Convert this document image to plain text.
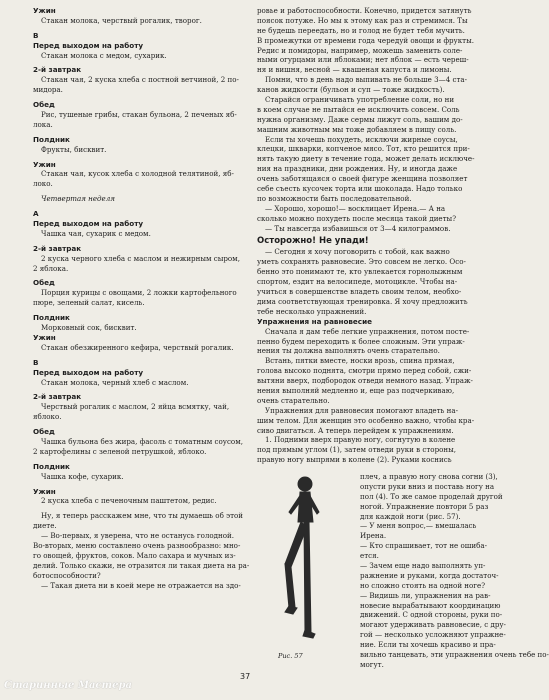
Ужин
Стакан молока, черствый рогалик, творог.
В
Перед выходом на работу
Стакан молока с медом, сухарик.
2-й завтрак
Стакан чая, 2 куска хлеба с постной ветчиной, 2 по-
мидора.
Обед
Рис, тушеные грибы, стакан бульона, 2 печеных яб-
лока.
Полдник
Фрукты, бисквит.
Ужин
Стакан чая, кусок хлеба с холодной телятиной, яб-
локо.
Четвертая неделя
А
Перед выходом на работу
Чашка чая, сухарик с медом.
2-й завтрак
2 куска черного хлеба с маслом и нежирным сыром,
2 яблока.
Обед
Порция курицы с овощами, 2 ложки картофельного
пюре, зеленый салат, кисель.
Полдник
Морковный сок, бисквит.
Ужин
Стакан обезжиренного кефира, черствый рогалик.
В
Перед выходом на работу
Стакан молока, черный хлеб с маслом.
2-й завтрак
Черствый рогалик с маслом, 2 яйца всмятку, чай,
яблоко.
Обед
Чашка бульона без жира, фасоль с томатным соусом,
2 картофелины с зеленой петрушкой, яблоко.
Полдник
Чашка кофе, сухарик.
Ужин
2 куска хлеба с печеночным паштетом, редис.
Ну, я теперь расскажем мне, что ты думаешь об этой
диете.
— Во-первых, я уверена, что не останусь голодной.
Во-вторых, меню составлено очень разнообразно: мно-
го овощей, фруктов, соков. Мало сахара и мучных из-
делий. Только скажи, не отразится ли такая диета на ра-
ботоспособности?
— Такая диета ни в коей мере не отражается на здо-
ровье и работоспособности. Конечно, придется затянуть
поясок потуже. Но мы к этому как раз и стремимся. Ты
не будешь переедать, но и голод не будет тебя мучить.
В промежутки от времени года чередуй овощи и фрукты.
Редис и помидоры, например, можешь заменить соле-
ными огурцами или яблоками; нет яблок — есть череш-
ня и вишня, весной — квашеная капуста и лимоны.
Помни, что в день надо выпивать не больше 3—4 ста-
канов жидкости (бульон и суп — тоже жидкость).
Старайся ограничивать употребление соли, но ни
в коем случае не пытайся ее исключить совсем. Соль
нужна организму. Даже сермы лижут соль, вашим до-
машним животным мы тоже добавляем в пищу соль.
Если ты хочешь похудеть, исключи жирные соусы,
клецки, шкварки, копченое мясо. Тот, кто решится при-
нять такую диету в течение года, может делать исключе-
ния на праздники, дни рождения. Ну, и иногда даже
очень заботящаяся о своей фигуре женщина позволяет
себе съесть кусочек торта или шоколада. Надо только
по возможности быть последовательной.
— Хорошо, хорошо!— восклицает Ирена.— А на
сколько можно похудеть после месяца такой диеты?
— Ты навсегда избавишься от 3—4 килограммов.
Осторожно! Не упади!
— Сегодня я хочу поговорить с тобой, как важно
уметь сохранять равновесие. Это совсем не легко. Осо-
бенно это понимают те, кто увлекается горнолыжным
спортом, ездит на велосипеде, мотоцикле. Чтобы на-
учиться в совершенстве владеть своим телом, необхо-
дима соответствующая тренировка. Я хочу предложить
тебе несколько упражнений.
Упражнения на равновесие
Сначала я дам тебе легкие упражнения, потом посте-
пенно будем переходить к более сложным. Эти упраж-
нения ты должна выполнять очень старательно.
Встань, пятки вместе, носки врозь, спина прямая,
голова высоко поднята, смотри прямо перед собой, сжи-
вытяни вверх, подбородок отведи немного назад. Упраж-
нения выполняй медленно и, еще раз подчеркиваю,
очень старательно.
Упражнения для равновесия помогают владеть на-
шим телом. Для женщин это особенно важно, чтобы кра-
сиво двигаться. А теперь перейдем к упражнениям.
1. Подними вверх правую ногу, согнутую в колене
под прямым углом (1), затем отведи руки в стороны,
правую ногу выпрями в колене (2). Руками коснись
Рис. 57
плеч, а правую ногу снова согни (3),
опусти руки вниз и поставь ногу на
пол (4). То же самое проделай другой
ногой. Упражнение повтори 5 раз
для каждой ноги (рис. 57).
— У меня вопрос,— вмешалась
Ирена.
— Кто спрашивает, тот не ошиба-
ется.
— Зачем еще надо выполнять уп-
ражнение и руками, когда достаточ-
но сложно стоять на одной ноге?
— Видишь ли, упражнения на рав-
новесие вырабатывают координацию
движений. С одной стороны, руки по-
могают удерживать равновесие, с дру-
гой — несколько усложняют упражне-
ние. Если ты хочешь красиво и пра-
вильно танцевать, эти упражнения очень тебе по-
могут.
37
Старинные Мастера
